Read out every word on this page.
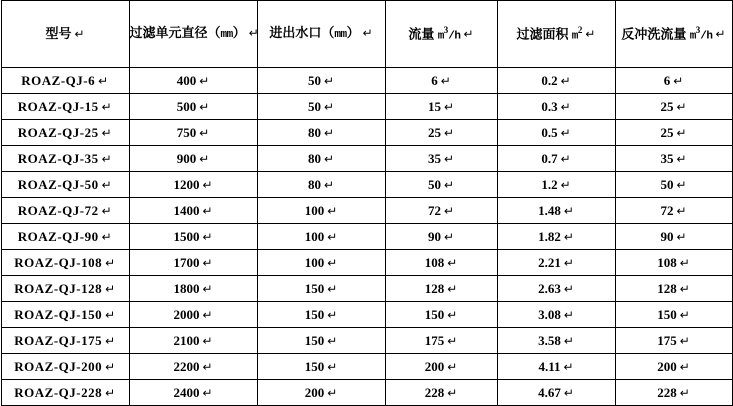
型号 ↵	过滤单元直径（mm） ↵	进出水口（mm） ↵	流量 $m^3/h$ ↵	过滤面积 $m^2$ ↵	反冲洗流量 $m^3/h$ ↵
ROAZ-QJ-6 ↵	400 ↵	50 ↵	6 ↵	0.2 ↵	6 ↵
ROAZ-QJ-15 ↵	500 ↵	50 ↵	15 ↵	0.3 ↵	25 ↵
ROAZ-QJ-25 ↵	750 ↵	80 ↵	25 ↵	0.5 ↵	25 ↵
ROAZ-QJ-35 ↵	900 ↵	80 ↵	35 ↵	0.7 ↵	35 ↵
ROAZ-QJ-50 ↵	1200 ↵	80 ↵	50 ↵	1.2 ↵	50 ↵
ROAZ-QJ-72 ↵	1400 ↵	100 ↵	72 ↵	1.48 ↵	72 ↵
ROAZ-QJ-90 ↵	1500 ↵	100 ↵	90 ↵	1.82 ↵	90 ↵
ROAZ-QJ-108 ↵	1700 ↵	100 ↵	108 ↵	2.21 ↵	108 ↵
ROAZ-QJ-128 ↵	1800 ↵	150 ↵	128 ↵	2.63 ↵	128 ↵
ROAZ-QJ-150 ↵	2000 ↵	150 ↵	150 ↵	3.08 ↵	150 ↵
ROAZ-QJ-175 ↵	2100 ↵	150 ↵	175 ↵	3.58 ↵	175 ↵
ROAZ-QJ-200 ↵	2200 ↵	150 ↵	200 ↵	4.11 ↵	200 ↵
ROAZ-QJ-228 ↵	2400 ↵	200 ↵	228 ↵	4.67 ↵	228 ↵
